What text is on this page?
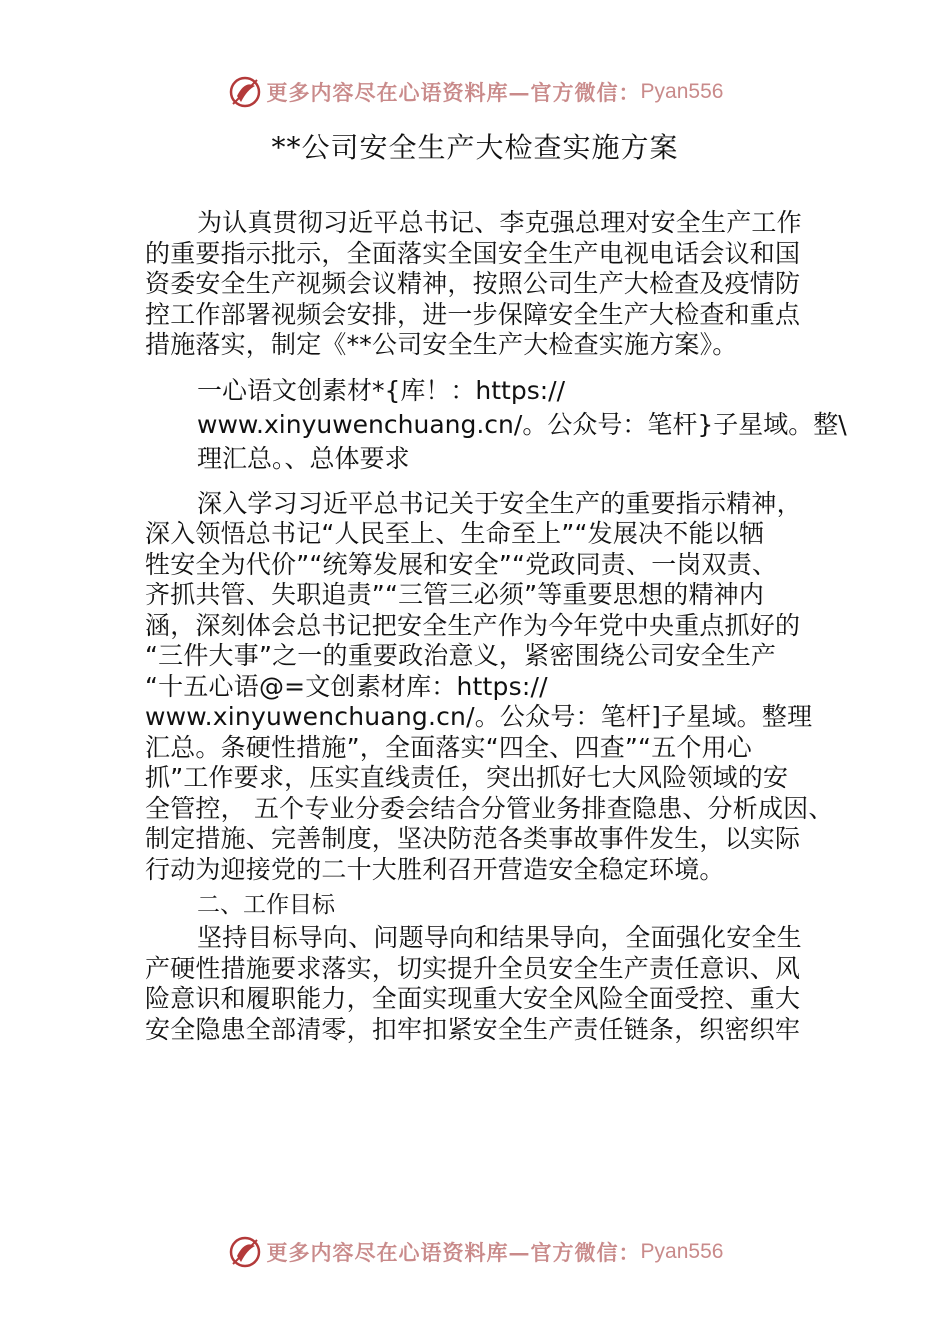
更多内容尽在心语资料库—官方微信： Pyan556
**公司安全生产大检查实施方案
为认真贯彻习近平总书记、李克强总理对安全生产工作
的重要指示批示，全面落实全国安全生产电视电话会议和国
资委安全生产视频会议精神，按照公司生产大检查及疫情防
控工作部署视频会安排，进一步保障安全生产大检查和重点
措施落实，制定《**公司安全生产大检查实施方案》。
一心语文创素材*{库！：https://
www.xinyuwenchuang.cn/。公众号：笔杆}子星域。整\
理汇总。、总体要求
深入学习习近平总书记关于安全生产的重要指示精神，
深入领悟总书记“人民至上、生命至上”“发展决不能以牺
牲安全为代价”“统筹发展和安全”“党政同责、一岗双责、
齐抓共管、失职追责”“三管三必须”等重要思想的精神内
涵，深刻体会总书记把安全生产作为今年党中央重点抓好的
“三件大事”之一的重要政治意义，紧密围绕公司安全生产
“十五心语@=文创素材库：https://
www.xinyuwenchuang.cn/。公众号：笔杆]子星域。整理
汇总。条硬性措施”，全面落实“四全、四查”“五个用心
抓”工作要求，压实直线责任，突出抓好七大风险领域的安
全管控， 五个专业分委会结合分管业务排查隐患、分析成因、
制定措施、完善制度，坚决防范各类事故事件发生，以实际
行动为迎接党的二十大胜利召开营造安全稳定环境。
二、工作目标
坚持目标导向、问题导向和结果导向，全面强化安全生
产硬性措施要求落实，切实提升全员安全生产责任意识、风
险意识和履职能力，全面实现重大安全风险全面受控、重大
安全隐患全部清零，扣牢扣紧安全生产责任链条，织密织牢
更多内容尽在心语资料库—官方微信： Pyan556
